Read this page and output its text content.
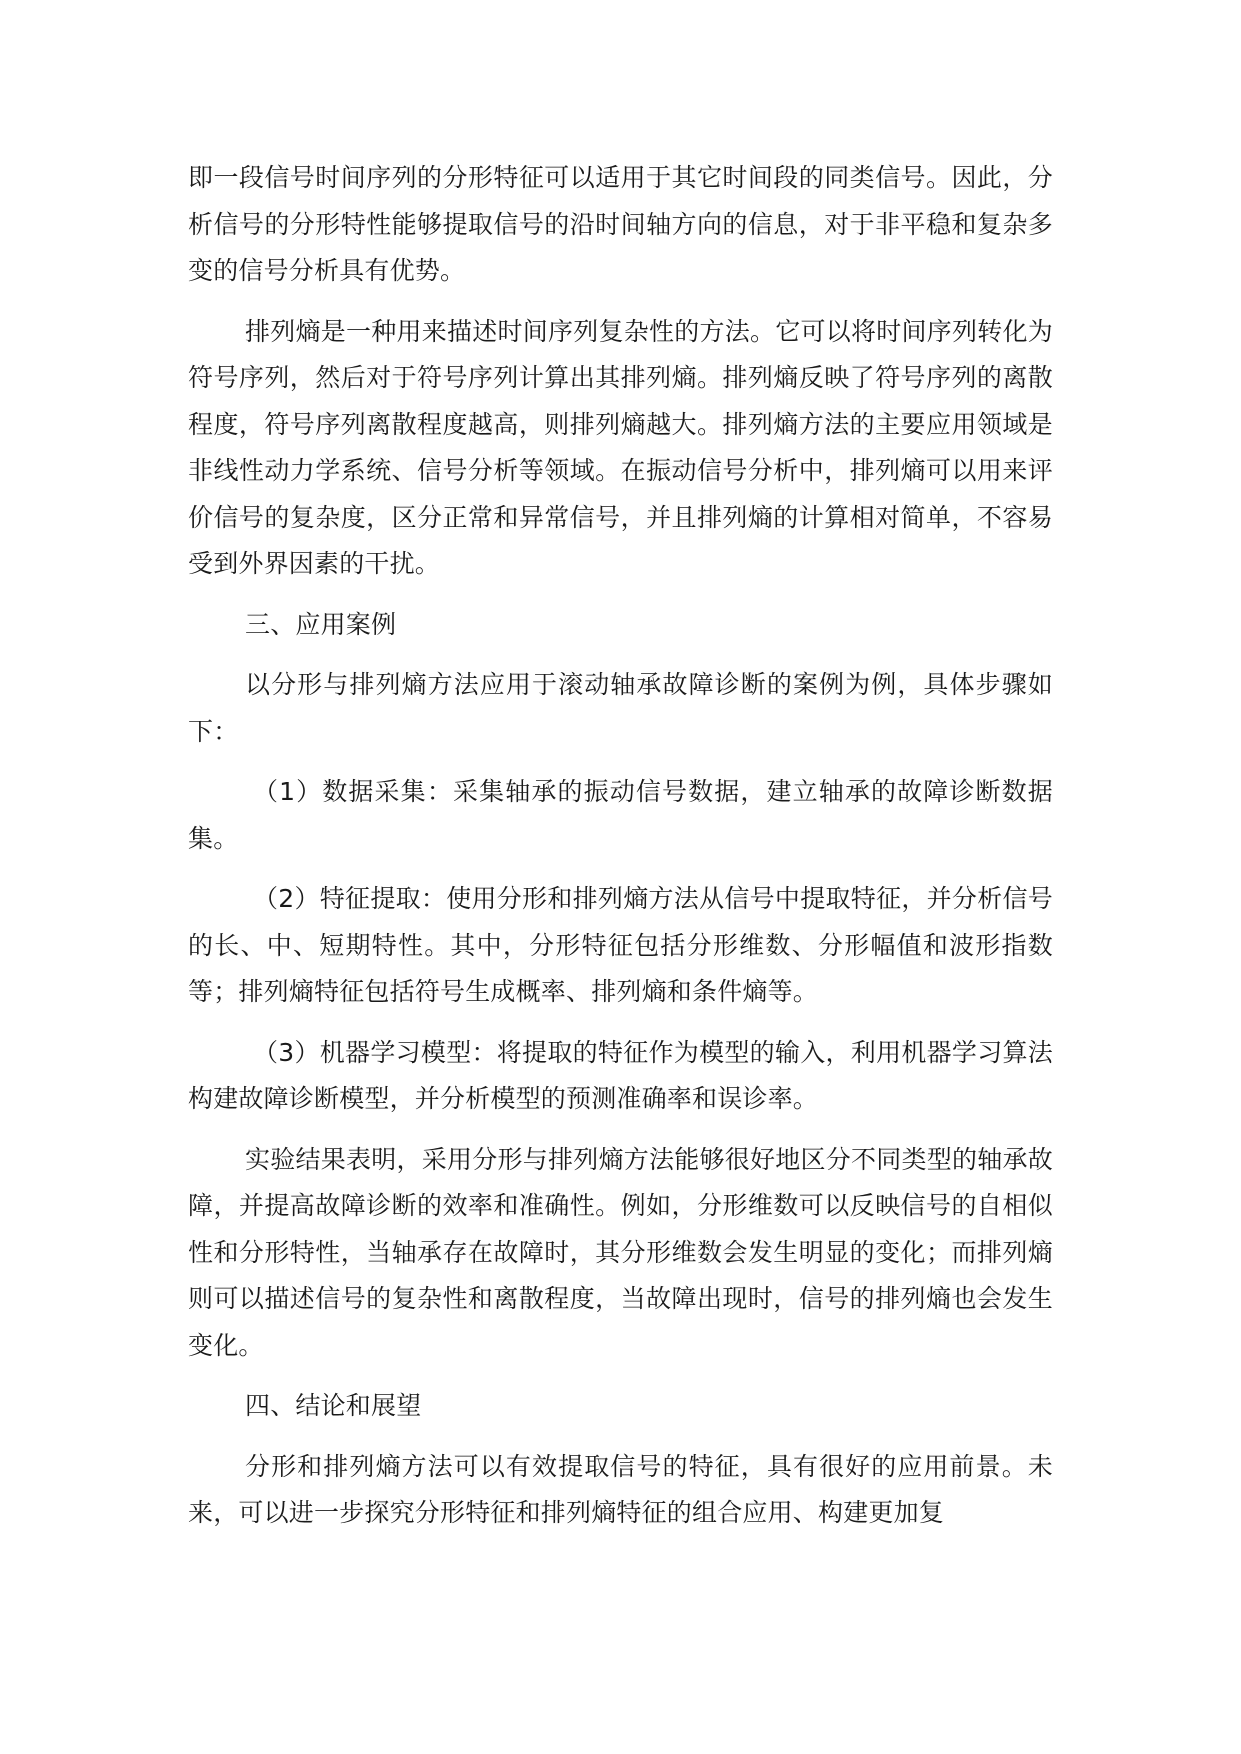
即一段信号时间序列的分形特征可以适用于其它时间段的同类信号。因此，分析信号的分形特性能够提取信号的沿时间轴方向的信息，对于非平稳和复杂多变的信号分析具有优势。

排列熵是一种用来描述时间序列复杂性的方法。它可以将时间序列转化为符号序列，然后对于符号序列计算出其排列熵。排列熵反映了符号序列的离散程度，符号序列离散程度越高，则排列熵越大。排列熵方法的主要应用领域是非线性动力学系统、信号分析等领域。在振动信号分析中，排列熵可以用来评价信号的复杂度，区分正常和异常信号，并且排列熵的计算相对简单，不容易受到外界因素的干扰。

三、应用案例

以分形与排列熵方法应用于滚动轴承故障诊断的案例为例，具体步骤如下：

（1）数据采集：采集轴承的振动信号数据，建立轴承的故障诊断数据集。

（2）特征提取：使用分形和排列熵方法从信号中提取特征，并分析信号的长、中、短期特性。其中，分形特征包括分形维数、分形幅值和波形指数等；排列熵特征包括符号生成概率、排列熵和条件熵等。

（3）机器学习模型：将提取的特征作为模型的输入，利用机器学习算法构建故障诊断模型，并分析模型的预测准确率和误诊率。

实验结果表明，采用分形与排列熵方法能够很好地区分不同类型的轴承故障，并提高故障诊断的效率和准确性。例如，分形维数可以反映信号的自相似性和分形特性，当轴承存在故障时，其分形维数会发生明显的变化；而排列熵则可以描述信号的复杂性和离散程度，当故障出现时，信号的排列熵也会发生变化。

四、结论和展望

分形和排列熵方法可以有效提取信号的特征，具有很好的应用前景。未来，可以进一步探究分形特征和排列熵特征的组合应用、构建更加复
